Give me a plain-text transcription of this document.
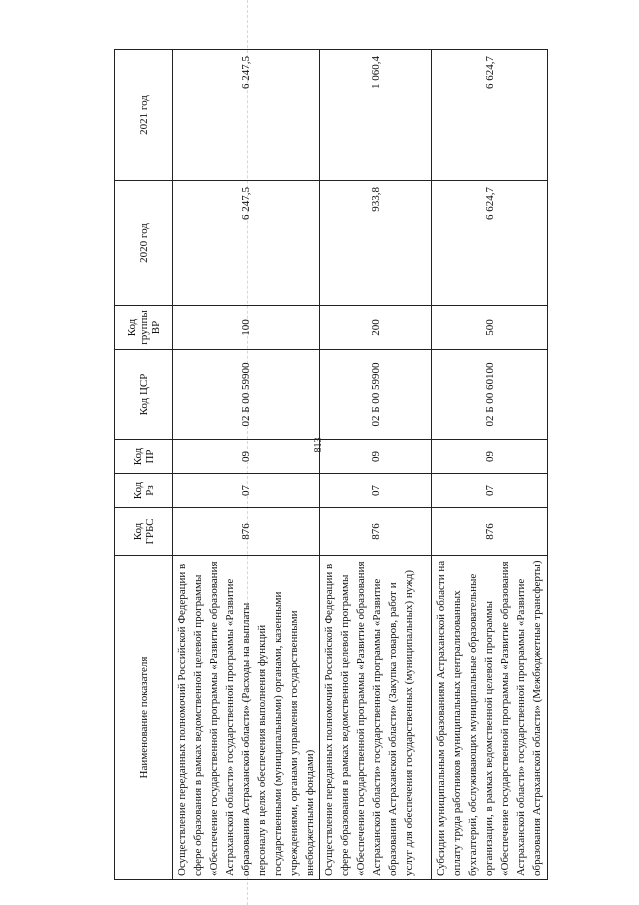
813
Наименование показателя	Код ГРБС	Код Рз	Код ПР	Код ЦСР	Код группы ВР	2020 год	2021 год
Осуществление переданных полномочий Российской Федерации в сфере образования в рамках ведомственной целевой программы «Обеспечение государственной программы «Развитие образования Астраханской области» государственной программы «Развитие образования Астраханской области» (Расходы на выплаты персоналу в целях обеспечения выполнения функций государственными (муниципальными) органами, казенными учреждениями, органами управления государственными внебюджетными фондами)	876	07	09	02 Б 00 59900	100	6 247,5	6 247,5
Осуществление переданных полномочий Российской Федерации в сфере образования в рамках ведомственной целевой программы «Обеспечение государственной программы «Развитие образования Астраханской области» государственной программы «Развитие образования Астраханской области» (Закупка товаров, работ и услуг для обеспечения государственных (муниципальных) нужд)	876	07	09	02 Б 00 59900	200	933,8	1 060,4
Субсидии муниципальным образованиям Астраханской области на оплату труда работников муниципальных централизованных бухгалтерий, обслуживающих муниципальные образовательные организации, в рамках ведомственной целевой программы «Обеспечение государственной программы «Развитие образования Астраханской области» государственной программы «Развитие образования Астраханской области» (Межбюджетные трансферты)	876	07	09	02 Б 00 60100	500	6 624,7	6 624,7
